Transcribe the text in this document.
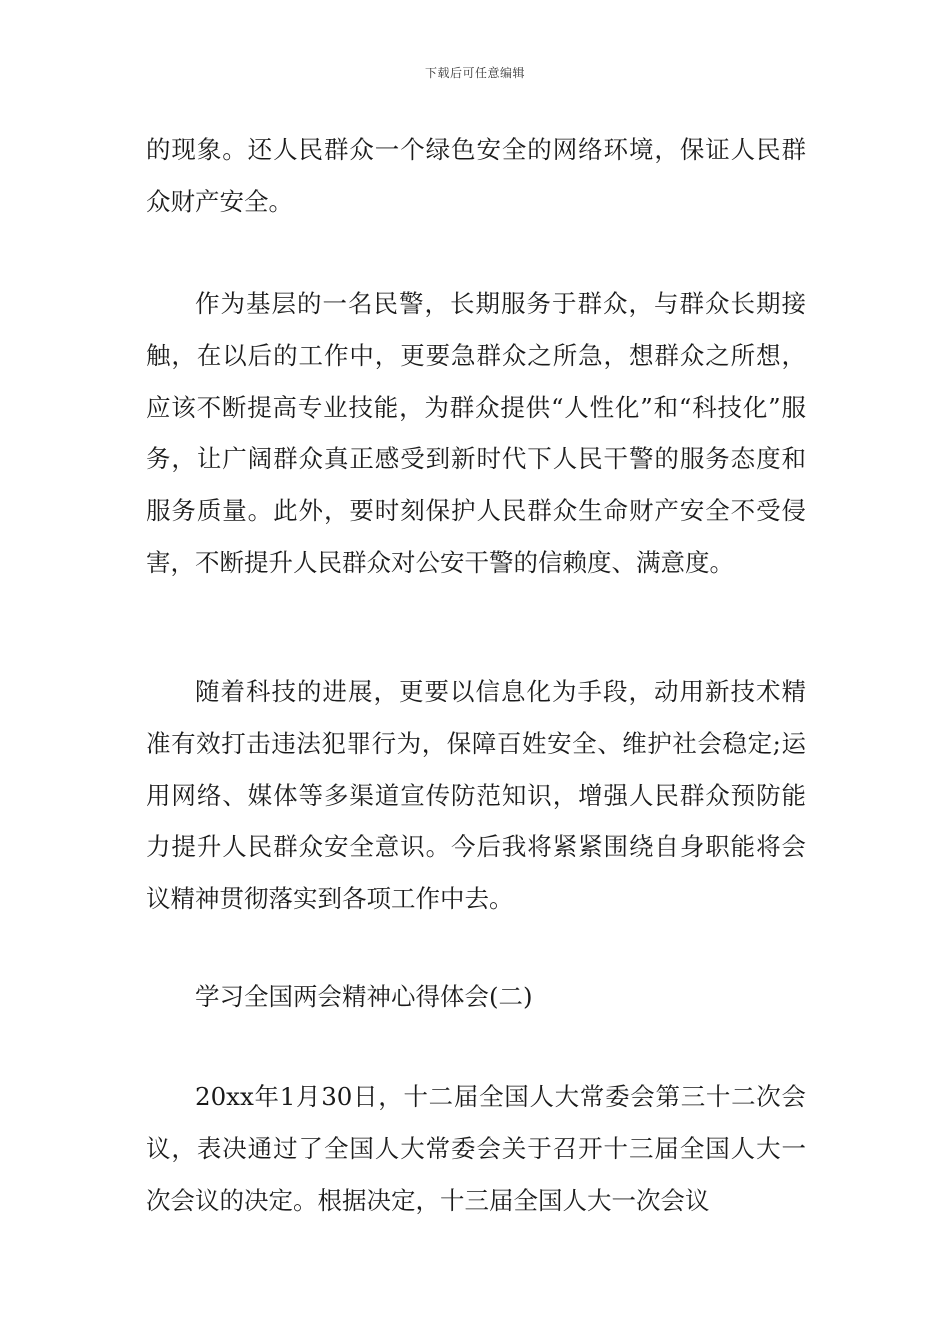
下载后可任意编辑

的现象。还人民群众一个绿色安全的网络环境，保证人民群众财产安全。

作为基层的一名民警，长期服务于群众，与群众长期接触，在以后的工作中，更要急群众之所急，想群众之所想，应该不断提高专业技能，为群众提供“人性化”和“科技化”服务，让广阔群众真正感受到新时代下人民干警的服务态度和服务质量。此外，要时刻保护人民群众生命财产安全不受侵害，不断提升人民群众对公安干警的信赖度、满意度。

随着科技的进展，更要以信息化为手段，动用新技术精准有效打击违法犯罪行为，保障百姓安全、维护社会稳定;运用网络、媒体等多渠道宣传防范知识，增强人民群众预防能力提升人民群众安全意识。今后我将紧紧围绕自身职能将会议精神贯彻落实到各项工作中去。

学习全国两会精神心得体会(二)

20xx年1月30日，十二届全国人大常委会第三十二次会议，表决通过了全国人大常委会关于召开十三届全国人大一次会议的决定。根据决定，十三届全国人大一次会议
